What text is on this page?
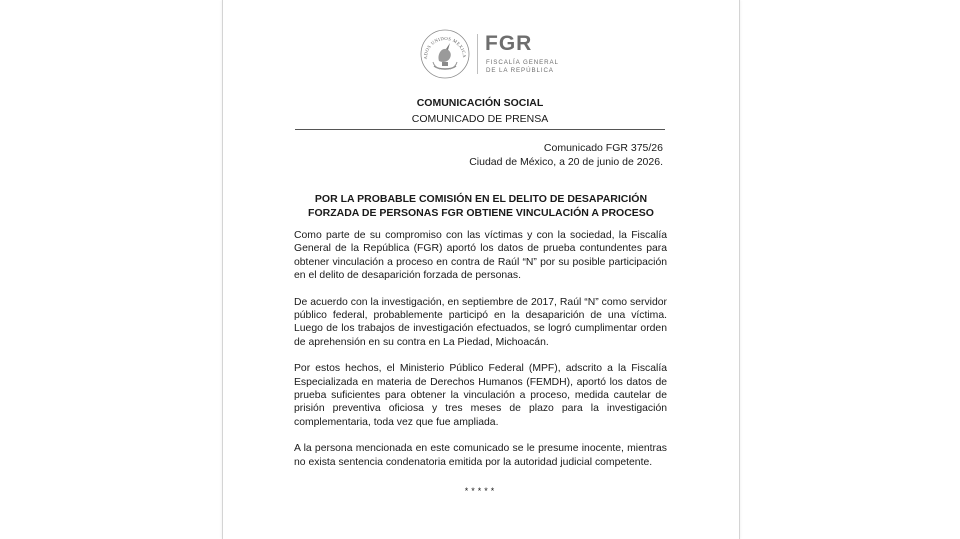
ADOS UNIDOS MEXICA
FGR
FISCALÍA GENERAL
DE LA REPÚBLICA
COMUNICACIÓN SOCIAL
COMUNICADO DE PRENSA
Comunicado FGR 375/26
Ciudad de México, a 20 de junio de 2026.
POR LA PROBABLE COMISIÓN EN EL DELITO DE DESAPARICIÓN
FORZADA DE PERSONAS FGR OBTIENE VINCULACIÓN A PROCESO

Como parte de su compromiso con las víctimas y con la sociedad, la Fiscalía General de la República (FGR) aportó los datos de prueba contundentes para obtener vinculación a proceso en contra de Raúl “N” por su posible participación en el delito de desaparición forzada de personas.

De acuerdo con la investigación, en septiembre de 2017, Raúl “N” como servidor público federal, probablemente participó en la desaparición de una víctima. Luego de los trabajos de investigación efectuados, se logró cumplimentar orden de aprehensión en su contra en La Piedad, Michoacán.

Por estos hechos, el Ministerio Público Federal (MPF), adscrito a la Fiscalía Especializada en materia de Derechos Humanos (FEMDH), aportó los datos de prueba suficientes para obtener la vinculación a proceso, medida cautelar de prisión preventiva oficiosa y tres meses de plazo para la investigación complementaria, toda vez que fue ampliada.

A la persona mencionada en este comunicado se le presume inocente, mientras no exista sentencia condenatoria emitida por la autoridad judicial competente.

*****
